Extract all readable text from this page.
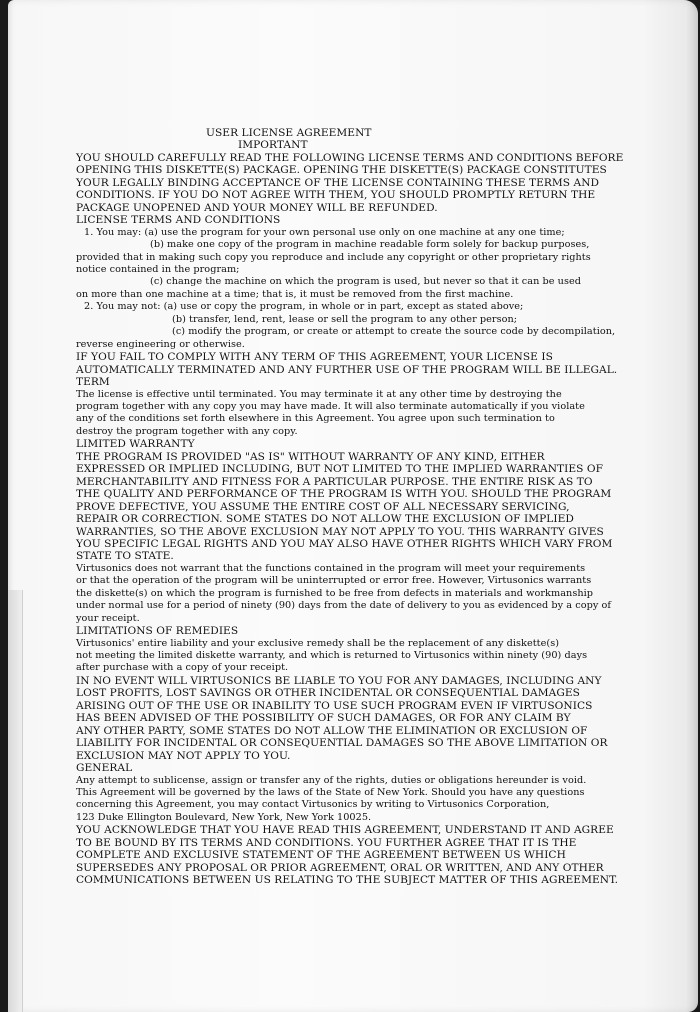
USER LICENSE AGREEMENT
IMPORTANT
YOU SHOULD CAREFULLY READ THE FOLLOWING LICENSE TERMS AND CONDITIONS BEFORE
OPENING THIS DISKETTE(S) PACKAGE. OPENING THE DISKETTE(S) PACKAGE CONSTITUTES
YOUR LEGALLY BINDING ACCEPTANCE OF THE LICENSE CONTAINING THESE TERMS AND
CONDITIONS. IF YOU DO NOT AGREE WITH THEM, YOU SHOULD PROMPTLY RETURN THE
PACKAGE UNOPENED AND YOUR MONEY WILL BE REFUNDED.
LICENSE TERMS AND CONDITIONS
1. You may: (a) use the program for your own personal use only on one machine at any one time;
(b) make one copy of the program in machine readable form solely for backup purposes,
provided that in making such copy you reproduce and include any copyright or other proprietary rights
notice contained in the program;
(c) change the machine on which the program is used, but never so that it can be used
on more than one machine at a time; that is, it must be removed from the first machine.
2. You may not: (a) use or copy the program, in whole or in part, except as stated above;
(b) transfer, lend, rent, lease or sell the program to any other person;
(c) modify the program, or create or attempt to create the source code by decompilation,
reverse engineering or otherwise.
IF YOU FAIL TO COMPLY WITH ANY TERM OF THIS AGREEMENT, YOUR LICENSE IS
AUTOMATICALLY TERMINATED AND ANY FURTHER USE OF THE PROGRAM WILL BE ILLEGAL.
TERM
The license is effective until terminated. You may terminate it at any other time by destroying the
program together with any copy you may have made. It will also terminate automatically if you violate
any of the conditions set forth elsewhere in this Agreement. You agree upon such termination to
destroy the program together with any copy.
LIMITED WARRANTY
THE PROGRAM IS PROVIDED "AS IS" WITHOUT WARRANTY OF ANY KIND, EITHER
EXPRESSED OR IMPLIED INCLUDING, BUT NOT LIMITED TO THE IMPLIED WARRANTIES OF
MERCHANTABILITY AND FITNESS FOR A PARTICULAR PURPOSE. THE ENTIRE RISK AS TO
THE QUALITY AND PERFORMANCE OF THE PROGRAM IS WITH YOU. SHOULD THE PROGRAM
PROVE DEFECTIVE, YOU ASSUME THE ENTIRE COST OF ALL NECESSARY SERVICING,
REPAIR OR CORRECTION. SOME STATES DO NOT ALLOW THE EXCLUSION OF IMPLIED
WARRANTIES, SO THE ABOVE EXCLUSION MAY NOT APPLY TO YOU. THIS WARRANTY GIVES
YOU SPECIFIC LEGAL RIGHTS AND YOU MAY ALSO HAVE OTHER RIGHTS WHICH VARY FROM
STATE TO STATE.
Virtusonics does not warrant that the functions contained in the program will meet your requirements
or that the operation of the program will be uninterrupted or error free. However, Virtusonics warrants
the diskette(s) on which the program is furnished to be free from defects in materials and workmanship
under normal use for a period of ninety (90) days from the date of delivery to you as evidenced by a copy of
your receipt.
LIMITATIONS OF REMEDIES
Virtusonics' entire liability and your exclusive remedy shall be the replacement of any diskette(s)
not meeting the limited diskette warranty, and which is returned to Virtusonics within ninety (90) days
after purchase with a copy of your receipt.
IN NO EVENT WILL VIRTUSONICS BE LIABLE TO YOU FOR ANY DAMAGES, INCLUDING ANY
LOST PROFITS, LOST SAVINGS OR OTHER INCIDENTAL OR CONSEQUENTIAL DAMAGES
ARISING OUT OF THE USE OR INABILITY TO USE SUCH PROGRAM EVEN IF VIRTUSONICS
HAS BEEN ADVISED OF THE POSSIBILITY OF SUCH DAMAGES, OR FOR ANY CLAIM BY
ANY OTHER PARTY, SOME STATES DO NOT ALLOW THE ELIMINATION OR EXCLUSION OF
LIABILITY FOR INCIDENTAL OR CONSEQUENTIAL DAMAGES SO THE ABOVE LIMITATION OR
EXCLUSION MAY NOT APPLY TO YOU.
GENERAL
Any attempt to sublicense, assign or transfer any of the rights, duties or obligations hereunder is void.
This Agreement will be governed by the laws of the State of New York. Should you have any questions
concerning this Agreement, you may contact Virtusonics by writing to Virtusonics Corporation,
123 Duke Ellington Boulevard, New York, New York 10025.
YOU ACKNOWLEDGE THAT YOU HAVE READ THIS AGREEMENT, UNDERSTAND IT AND AGREE
TO BE BOUND BY ITS TERMS AND CONDITIONS. YOU FURTHER AGREE THAT IT IS THE
COMPLETE AND EXCLUSIVE STATEMENT OF THE AGREEMENT BETWEEN US WHICH
SUPERSEDES ANY PROPOSAL OR PRIOR AGREEMENT, ORAL OR WRITTEN, AND ANY OTHER
COMMUNICATIONS BETWEEN US RELATING TO THE SUBJECT MATTER OF THIS AGREEMENT.
